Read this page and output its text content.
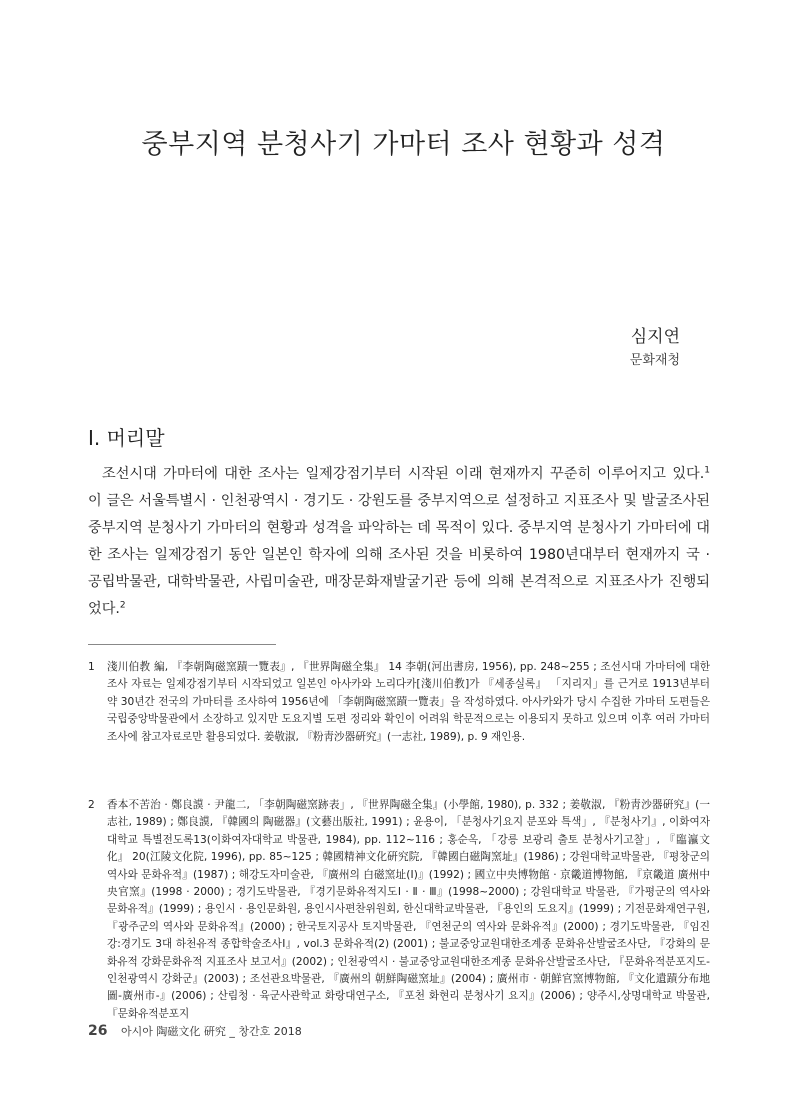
중부지역 분청사기 가마터 조사 현황과 성격
심지연
문화재청
Ⅰ. 머리말

조선시대 가마터에 대한 조사는 일제강점기부터 시작된 이래 현재까지 꾸준히 이루어지고 있다.$^1$ 이 글은 서울특별시 · 인천광역시 · 경기도 · 강원도를 중부지역으로 설정하고 지표조사 및 발굴조사된 중부지역 분청사기 가마터의 현황과 성격을 파악하는 데 목적이 있다. 중부지역 분청사기 가마터에 대한 조사는 일제강점기 동안 일본인 학자에 의해 조사된 것을 비롯하여 1980년대부터 현재까지 국 · 공립박물관, 대학박물관, 사립미술관, 매장문화재발굴기관 등에 의해 본격적으로 지표조사가 진행되었다.$^2$

1	淺川伯教 編, 『李朝陶磁窯蹟一覽表』, 『世界陶磁全集』 14 李朝(河出書房, 1956), pp. 248~255 ; 조선시대 가마터에 대한 조사 자료는 일제강점기부터 시작되었고 일본인 아사카와 노리다카[淺川伯教]가 『세종실록』 「지리지」를 근거로 1913년부터 약 30년간 전국의 가마터를 조사하여 1956년에 「李朝陶磁窯蹟一覽表」을 작성하였다. 아사카와가 당시 수집한 가마터 도편들은 국립중앙박물관에서 소장하고 있지만 도요지별 도편 정리와 확인이 어려워 학문적으로는 이용되지 못하고 있으며 이후 여러 가마터 조사에 참고자료로만 활용되었다. 姜敬淑, 『粉靑沙器硏究』(一志社, 1989), p. 9 재인용.
2	香本不苦治 · 鄭良謨 · 尹龍二, 「李朝陶磁窯跡表」, 『世界陶磁全集』(小學館, 1980), p. 332 ; 姜敬淑, 『粉靑沙器硏究』(一志社, 1989) ; 鄭良謨, 『韓國의 陶磁器』(文藝出版社, 1991) ; 윤용이, 「분청사기요지 분포와 특색」, 『분청사기』, 이화여자대학교 특별전도록13(이화여자대학교 박물관, 1984), pp. 112~116 ; 홍순옥, 「강릉 보광리 출토 분청사기고찰」, 『臨瀛文化』 20(江陵文化院, 1996), pp. 85~125 ; 韓國精神文化硏究院, 『韓國白磁陶窯址』(1986) ; 강원대학교박물관, 『평창군의 역사와 문화유적』(1987) ; 해강도자미술관, 『廣州의 白磁窯址(Ⅰ)』(1992) ; 國立中央博物館 · 京畿道博物館, 『京畿道 廣州中央官窯』(1998 · 2000) ; 경기도박물관, 『경기문화유적지도Ⅰ · Ⅱ · Ⅲ』(1998~2000) ; 강원대학교 박물관, 『가평군의 역사와 문화유적』(1999) ; 용인시 · 용인문화원, 용인시사편찬위원회, 한신대학교박물관, 『용인의 도요지』(1999) ; 기전문화재연구원, 『광주군의 역사와 문화유적』(2000) ; 한국토지공사 토지박물관, 『연천군의 역사와 문화유적』(2000) ; 경기도박물관, 『임진강:경기도 3대 하천유적 종합학술조사Ⅰ』, vol.3 문화유적(2) (2001) ; 불교중앙교원대한조계종 문화유산발굴조사단, 『강화의 문화유적 강화문화유적 지표조사 보고서』(2002) ; 인천광역시 · 불교중앙교원대한조계종 문화유산발굴조사단, 『문화유적분포지도-인천광역시 강화군』(2003) ; 조선관요박물관, 『廣州의 朝鮮陶磁窯址』(2004) ; 廣州市 · 朝鮮官窯博物館, 『文化遺蹟分布地圖-廣州市-』(2006) ; 산림청 · 육군사관학교 화랑대연구소, 『포천 화현리 분청사기 요지』(2006) ; 양주시,상명대학교 박물관, 『문화유적분포지
26 아시아 陶磁文化 硏究 _ 창간호 2018
